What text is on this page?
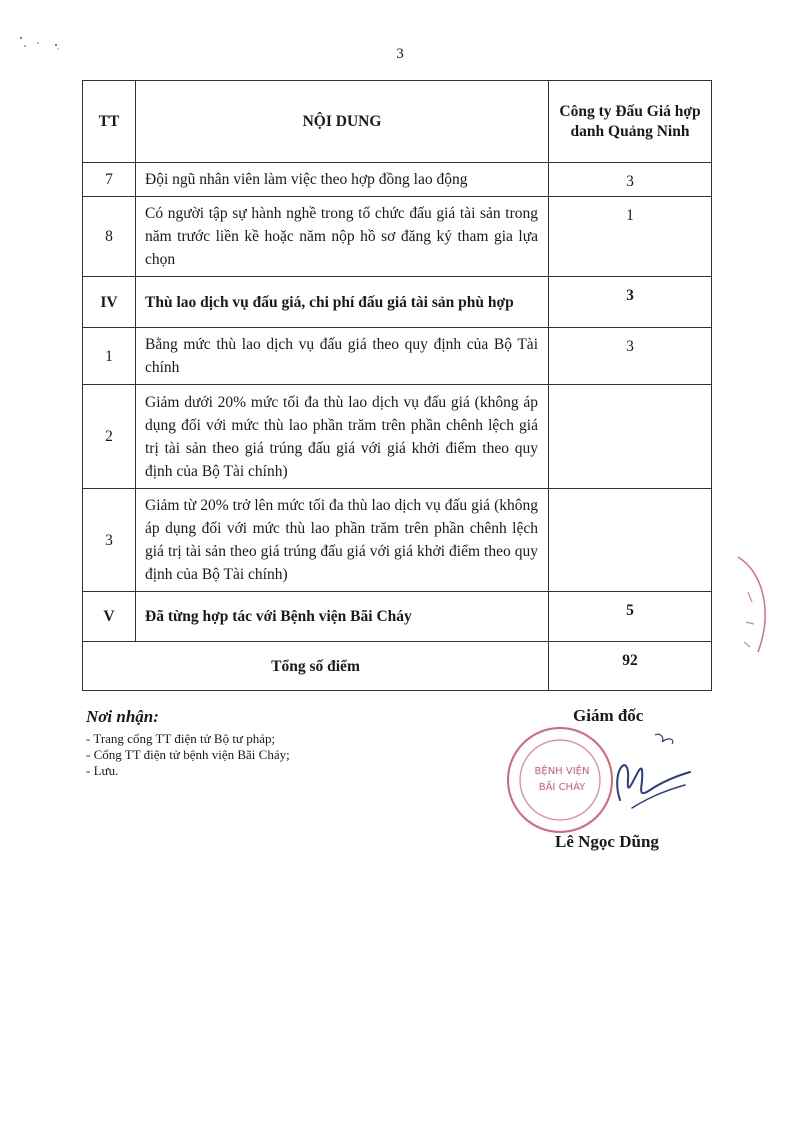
3
TT	NỘI DUNG	Công ty Đấu Giá hợp danh Quảng Ninh
7	Đội ngũ nhân viên làm việc theo hợp đồng lao động	3
8	Có người tập sự hành nghề trong tổ chức đấu giá tài sản trong năm trước liền kề hoặc năm nộp hồ sơ đăng ký tham gia lựa chọn	1
IV	Thù lao dịch vụ đấu giá, chi phí đấu giá tài sản phù hợp	3
1	Bằng mức thù lao dịch vụ đấu giá theo quy định của Bộ Tài chính	3
2	Giảm dưới 20% mức tối đa thù lao dịch vụ đấu giá (không áp dụng đối với mức thù lao phần trăm trên phần chênh lệch giá trị tài sản theo giá trúng đấu giá với giá khởi điểm theo quy định của Bộ Tài chính)	
3	Giảm từ 20% trở lên mức tối đa thù lao dịch vụ đấu giá (không áp dụng đối với mức thù lao phần trăm trên phần chênh lệch giá trị tài sản theo giá trúng đấu giá với giá khởi điểm theo quy định của Bộ Tài chính)	
V	Đã từng hợp tác với Bệnh viện Bãi Cháy	5
Tổng số điểm		92
Nơi nhận:
- Trang cổng TT điện tử Bộ tư pháp;
- Cổng TT điện tử bệnh viện Bãi Cháy;
- Lưu.	BỆNH VIỆN
BÃI CHÁY
Giám đốc
Lê Ngọc Dũng
